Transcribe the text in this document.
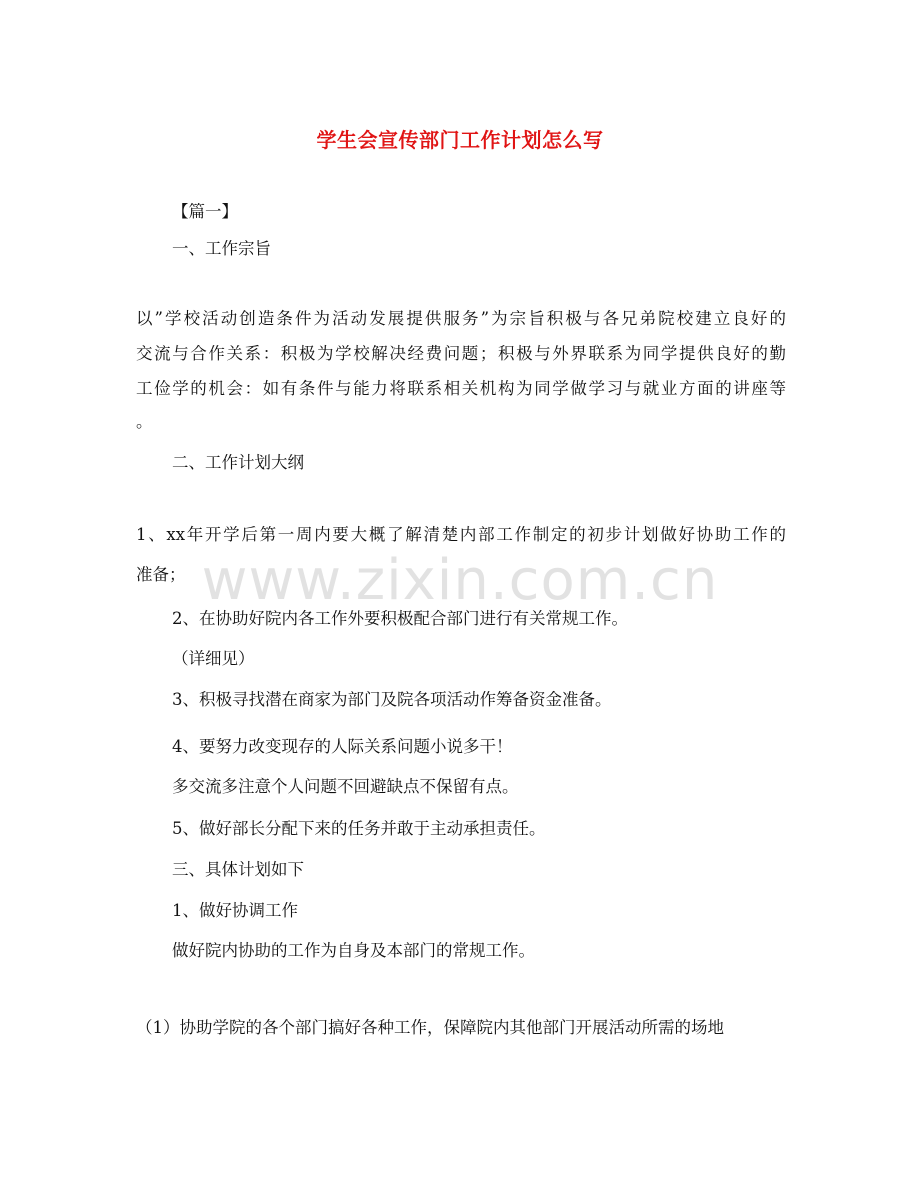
学生会宣传部门工作计划怎么写
【篇一】
一、工作宗旨
以”学校活动创造条件为活动发展提供服务”为宗旨积极与各兄弟院校建立良好的
交流与合作关系：积极为学校解决经费问题；积极与外界联系为同学提供良好的勤
工俭学的机会：如有条件与能力将联系相关机构为同学做学习与就业方面的讲座等
。
二、工作计划大纲
1、xx年开学后第一周内要大概了解清楚内部工作制定的初步计划做好协助工作的
准备；
2、在协助好院内各工作外要积极配合部门进行有关常规工作。
（详细见）
3、积极寻找潜在商家为部门及院各项活动作筹备资金准备。
4、要努力改变现存的人际关系问题小说多干！
多交流多注意个人问题不回避缺点不保留有点。
5、做好部长分配下来的任务并敢于主动承担责任。
三、具体计划如下
1、做好协调工作
做好院内协助的工作为自身及本部门的常规工作。
（1）协助学院的各个部门搞好各种工作，保障院内其他部门开展活动所需的场地
www.zixin.com.cn
